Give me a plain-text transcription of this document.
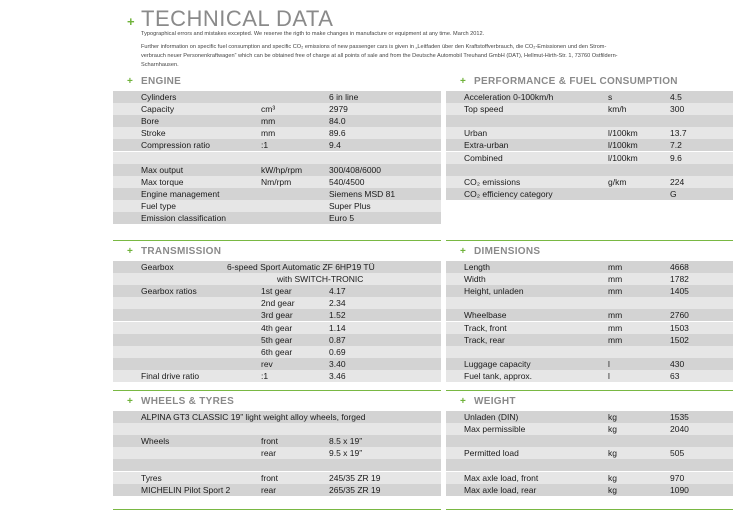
+ TECHNICAL DATA
Typographical errors and mistakes excepted. We reserve the rigth to make changes in manufacture or equipment at any time. March 2012.
Further information on specific fuel consumption and specific CO₂ emissions of new passenger cars is given in „Leitfaden über den Kraftstoffverbrauch, die CO₂-Emissionen und den Strom-
verbrauch neuer Personenkraftwagen“ which can be obtained free of charge at all points of sale and from the Deutsche Automobil Treuhand GmbH (DAT), Hellmut-Hirth-Str. 1, 73760 Ostfildern-
Scharnhausen.
+ ENGINE
Cylinders	6 in line
Capacity	cm³	2979
Bore	mm	84.0
Stroke	mm	89.6
Compression ratio	:1	9.4
Max output	kW/hp/rpm	300/408/6000
Max torque	Nm/rpm	540/4500
Engine management	Siemens MSD 81
Fuel type	Super Plus
Emission classification	Euro 5
+ PERFORMANCE & FUEL CONSUMPTION
Acceleration 0-100km/h	s	4.5
Top speed	km/h	300
Urban	l/100km	13.7
Extra-urban	l/100km	7.2
Combined	l/100km	9.6
CO₂ emissions	g/km	224
CO₂ efficiency category	G
+ TRANSMISSION
Gearbox	6-speed Sport Automatic ZF 6HP19 TÜ
with SWITCH-TRONIC
Gearbox ratios	1st gear	4.17
2nd gear	2.34
3rd gear	1.52
4th gear	1.14
5th gear	0.87
6th gear	0.69
rev	3.40
Final drive ratio	:1	3.46
+ DIMENSIONS
Length	mm	4668
Width	mm	1782
Height, unladen	mm	1405
Wheelbase	mm	2760
Track, front	mm	1503
Track, rear	mm	1502
Luggage capacity	l	430
Fuel tank, approx.	l	63
+ WHEELS & TYRES
ALPINA GT3 CLASSIC 19” light weight alloy wheels, forged
Wheels	front	8.5 x 19”
rear	9.5 x 19”
Tyres	front	245/35 ZR 19
MICHELIN Pilot Sport 2	rear	265/35 ZR 19
+ WEIGHT
Unladen (DIN)	kg	1535
Max permissible	kg	2040
Permitted load	kg	505
Max axle load, front	kg	970
Max axle load, rear	kg	1090
